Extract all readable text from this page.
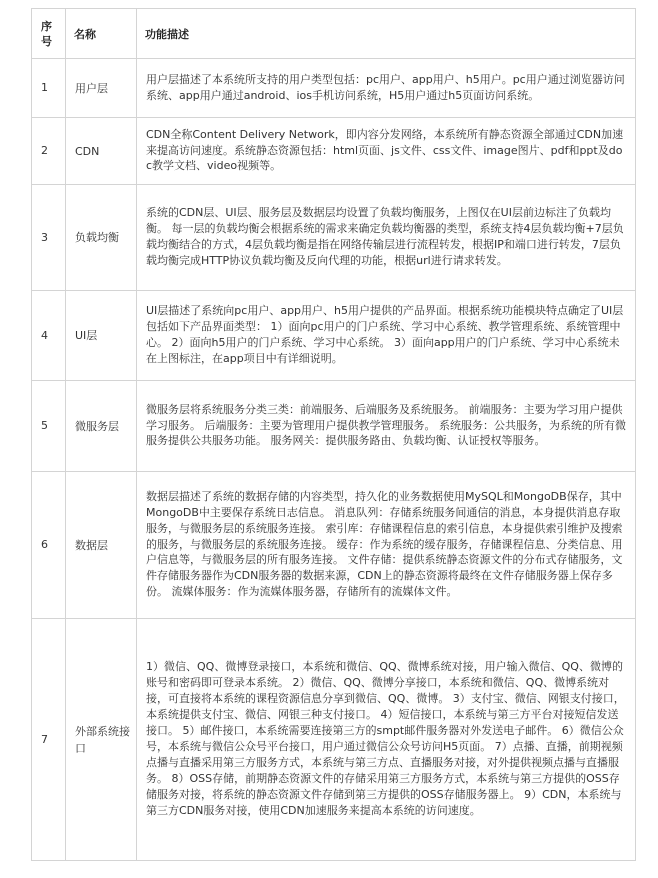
序号	名称	功能描述
1	用户层	用户层描述了本系统所支持的用户类型包括：pc用户、app用户、h5用户。pc用户通过浏览器访问系统、app用户通过android、ios手机访问系统，H5用户通过h5页面访问系统。
2	CDN	CDN全称Content Delivery Network，即内容分发网络，本系统所有静态资源全部通过CDN加速来提高访问速度。系统静态资源包括：html页面、js文件、css文件、image图片、pdf和ppt及doc教学文档、video视频等。
3	负载均衡	系统的CDN层、UI层、服务层及数据层均设置了负载均衡服务，上图仅在UI层前边标注了负载均衡。 每一层的负载均衡会根据系统的需求来确定负载均衡器的类型，系统支持4层负载均衡+7层负载均衡结合的方式，4层负载均衡是指在网络传输层进行流程转发，根据IP和端口进行转发，7层负载均衡完成HTTP协议负载均衡及反向代理的功能，根据url进行请求转发。
4	UI层	UI层描述了系统向pc用户、app用户、h5用户提供的产品界面。根据系统功能模块特点确定了UI层包括如下产品界面类型： 1）面向pc用户的门户系统、学习中心系统、教学管理系统、系统管理中心。 2）面向h5用户的门户系统、学习中心系统。 3）面向app用户的门户系统、学习中心系统未在上图标注，在app项目中有详细说明。
5	微服务层	微服务层将系统服务分类三类：前端服务、后端服务及系统服务。 前端服务：主要为学习用户提供学习服务。 后端服务：主要为管理用户提供教学管理服务。 系统服务：公共服务，为系统的所有微服务提供公共服务功能。 服务网关：提供服务路由、负载均衡、认证授权等服务。
6	数据层	数据层描述了系统的数据存储的内容类型，持久化的业务数据使用MySQL和MongoDB保存，其中MongoDB中主要保存系统日志信息。 消息队列：存储系统服务间通信的消息，本身提供消息存取服务，与微服务层的系统服务连接。 索引库：存储课程信息的索引信息，本身提供索引维护及搜索的服务，与微服务层的系统服务连接。 缓存：作为系统的缓存服务，存储课程信息、分类信息、用户信息等，与微服务层的所有服务连接。 文件存储：提供系统静态资源文件的分布式存储服务，文件存储服务器作为CDN服务器的数据来源，CDN上的静态资源将最终在文件存储服务器上保存多份。 流媒体服务：作为流媒体服务器，存储所有的流媒体文件。
7	外部系统接口	1）微信、QQ、微博登录接口，本系统和微信、QQ、微博系统对接，用户输入微信、QQ、微博的账号和密码即可登录本系统。 2）微信、QQ、微博分享接口，本系统和微信、QQ、微博系统对接，可直接将本系统的课程资源信息分享到微信、QQ、微博。 3）支付宝、微信、网银支付接口，本系统提供支付宝、微信、网银三种支付接口。 4）短信接口，本系统与第三方平台对接短信发送接口。 5）邮件接口，本系统需要连接第三方的smpt邮件服务器对外发送电子邮件。 6）微信公众号，本系统与微信公众号平台接口，用户通过微信公众号访问H5页面。 7）点播、直播，前期视频点播与直播采用第三方服务方式，本系统与第三方点、直播服务对接，对外提供视频点播与直播服务。 8）OSS存储，前期静态资源文件的存储采用第三方服务方式，本系统与第三方提供的OSS存储服务对接，将系统的静态资源文件存储到第三方提供的OSS存储服务器上。 9）CDN，本系统与第三方CDN服务对接，使用CDN加速服务来提高本系统的访问速度。
